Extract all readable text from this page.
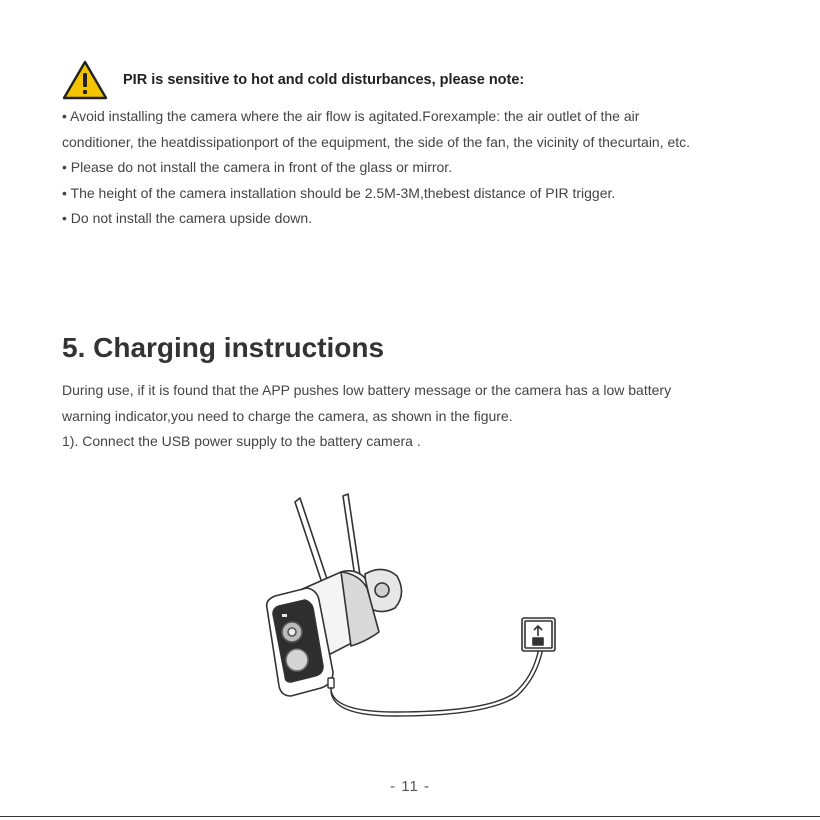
PIR is sensitive to hot and cold disturbances, please note:
• Avoid installing the camera where the air flow is agitated.Forexample: the air outlet of the air
conditioner, the heatdissipationport of the equipment, the side of the fan, the vicinity of thecurtain, etc.
• Please do not install the camera in front of the glass or mirror.
• The height of the camera installation should be 2.5M-3M,thebest distance of PIR trigger.
• Do not install the camera upside down.
5. Charging instructions
During use, if it is found that the APP pushes low battery message or the camera has a low battery
warning indicator,you need to charge the camera, as shown in the figure.
1). Connect the USB power supply to the battery camera .
- 11 -
